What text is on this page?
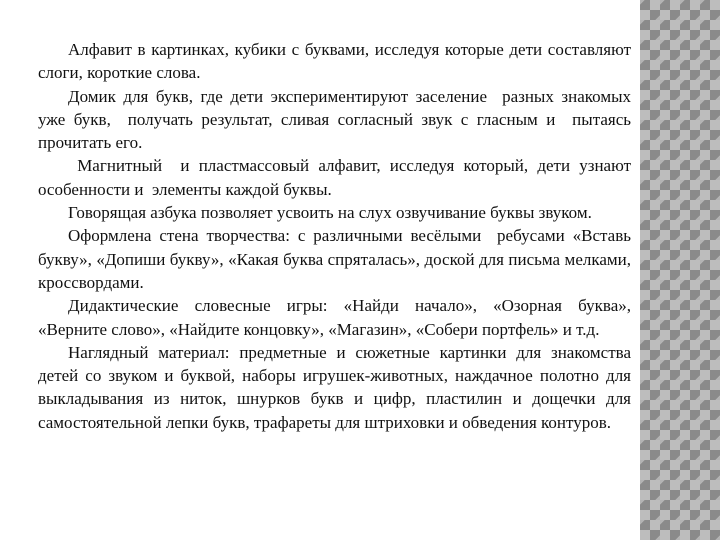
Алфавит в картинках, кубики с буквами, исследуя которые дети составляют слоги, короткие слова.

Домик для букв, где дети экспериментируют заселение  разных знакомых уже букв,  получать результат, сливая согласный звук с гласным и  пытаясь прочитать его.

Магнитный  и пластмассовый алфавит, исследуя который, дети узнают особенности и  элементы каждой буквы.

Говорящая азбука позволяет усвоить на слух озвучивание буквы звуком.

Оформлена стена творчества: с различными весёлыми  ребусами «Вставь букву», «Допиши букву», «Какая буква спряталась», доской для письма мелками, кроссвордами.

Дидактические словесные игры: «Найди начало», «Озорная буква», «Верните слово», «Найдите концовку», «Магазин», «Собери портфель» и т.д.

Наглядный материал: предметные и сюжетные картинки для знакомства детей со звуком и буквой, наборы игрушек-животных, наждачное полотно для выкладывания из ниток, шнурков букв и цифр, пластилин и дощечки для самостоятельной лепки букв, трафареты для штриховки и обведения контуров.
